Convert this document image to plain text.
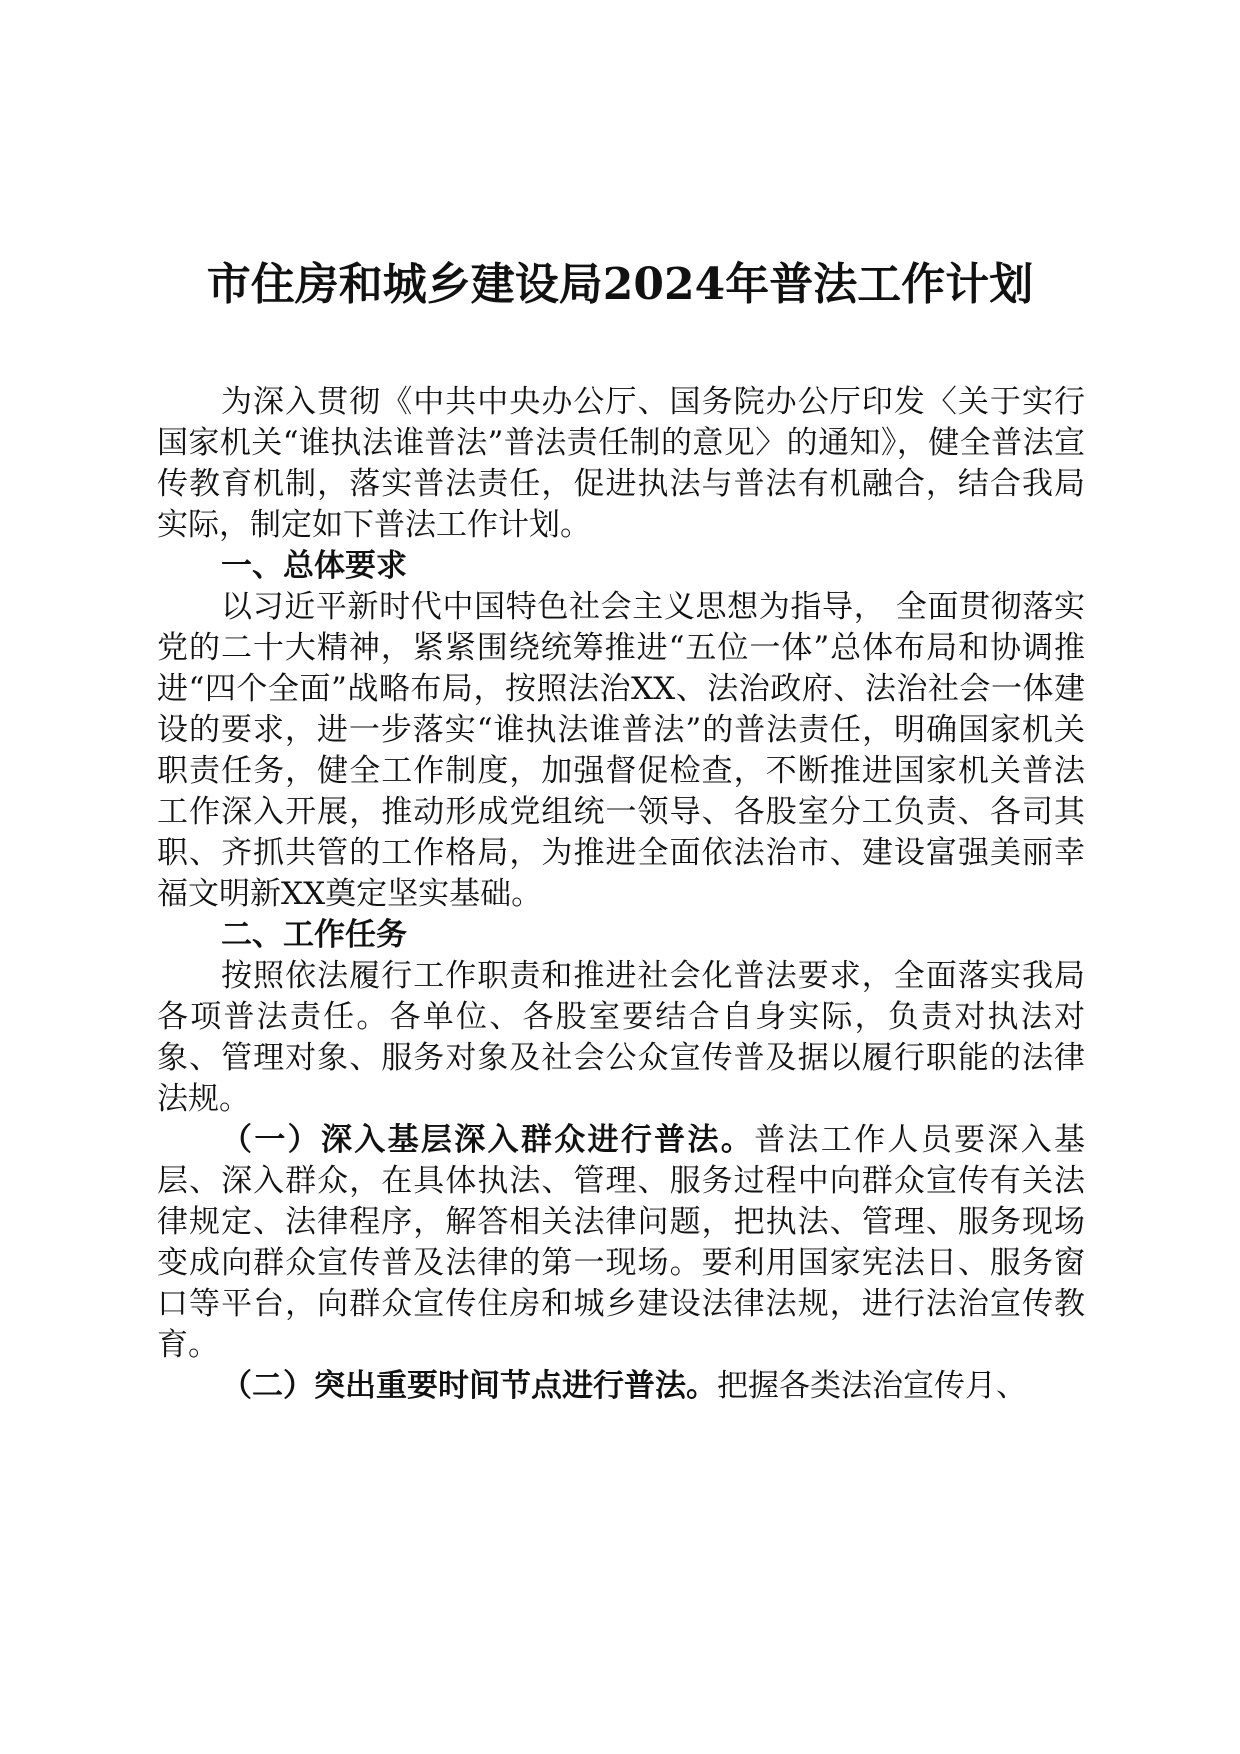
市住房和城乡建设局2024年普法工作计划

为深入贯彻《中共中央办公厅、国务院办公厅印发〈关于实行国家机关“谁执法谁普法”普法责任制的意见〉的通知》，健全普法宣传教育机制，落实普法责任，促进执法与普法有机融合，结合我局实际，制定如下普法工作计划。

一、总体要求

以习近平新时代中国特色社会主义思想为指导， 全面贯彻落实党的二十大精神，紧紧围绕统筹推进“五位一体”总体布局和协调推进“四个全面”战略布局，按照法治XX、法治政府、法治社会一体建设的要求，进一步落实“谁执法谁普法”的普法责任，明确国家机关职责任务，健全工作制度，加强督促检查，不断推进国家机关普法工作深入开展，推动形成党组统一领导、各股室分工负责、各司其职、齐抓共管的工作格局，为推进全面依法治市、建设富强美丽幸福文明新XX奠定坚实基础。

二、工作任务

按照依法履行工作职责和推进社会化普法要求，全面落实我局各项普法责任。各单位、各股室要结合自身实际，负责对执法对象、管理对象、服务对象及社会公众宣传普及据以履行职能的法律法规。

（一）深入基层深入群众进行普法。普法工作人员要深入基层、深入群众，在具体执法、管理、服务过程中向群众宣传有关法律规定、法律程序，解答相关法律问题，把执法、管理、服务现场变成向群众宣传普及法律的第一现场。要利用国家宪法日、服务窗口等平台，向群众宣传住房和城乡建设法律法规，进行法治宣传教育。

（二）突出重要时间节点进行普法。把握各类法治宣传月、
